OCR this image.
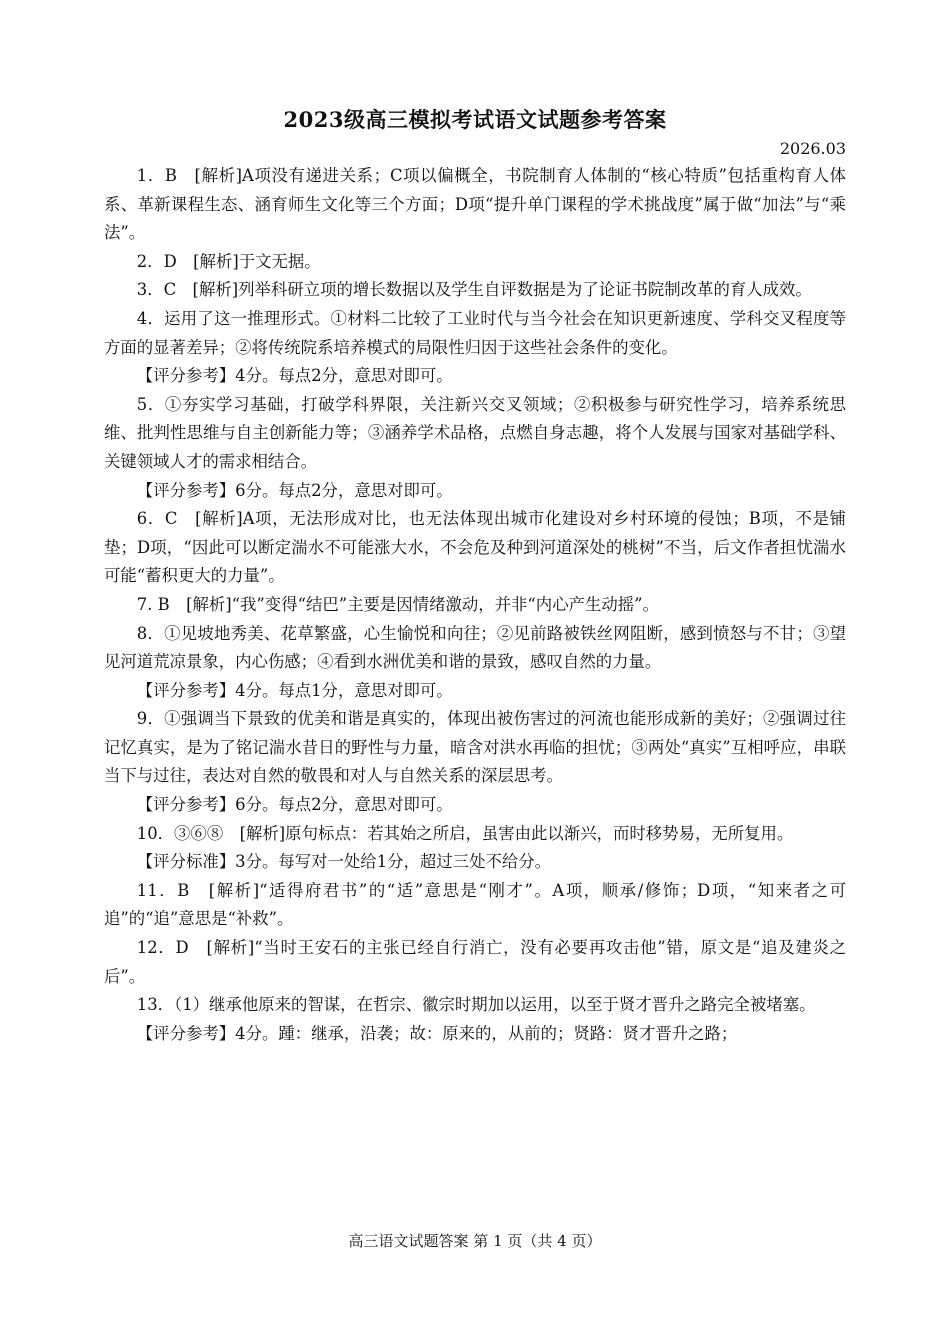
2023级高三模拟考试语文试题参考答案
2026.03

1．B　[解析]A项没有递进关系；C项以偏概全，书院制育人体制的“核心特质”包括重构育人体系、革新课程生态、涵育师生文化等三个方面；D项“提升单门课程的学术挑战度”属于做“加法”与“乘法”。

2．D　[解析]于文无据。

3．C　[解析]列举科研立项的增长数据以及学生自评数据是为了论证书院制改革的育人成效。

4．运用了这一推理形式。①材料二比较了工业时代与当今社会在知识更新速度、学科交叉程度等方面的显著差异；②将传统院系培养模式的局限性归因于这些社会条件的变化。

【评分参考】4分。每点2分，意思对即可。

5．①夯实学习基础，打破学科界限，关注新兴交叉领域；②积极参与研究性学习，培养系统思维、批判性思维与自主创新能力等；③涵养学术品格，点燃自身志趣，将个人发展与国家对基础学科、关键领域人才的需求相结合。

【评分参考】6分。每点2分，意思对即可。

6．C　[解析]A项，无法形成对比，也无法体现出城市化建设对乡村环境的侵蚀；B项，不是铺垫；D项，“因此可以断定湍水不可能涨大水，不会危及种到河道深处的桃树”不当，后文作者担忧湍水可能“蓄积更大的力量”。

7. B　[解析]“我”变得“结巴”主要是因情绪激动，并非“内心产生动摇”。

8．①见坡地秀美、花草繁盛，心生愉悦和向往；②见前路被铁丝网阻断，感到愤怒与不甘；③望见河道荒凉景象，内心伤感；④看到水洲优美和谐的景致，感叹自然的力量。

【评分参考】4分。每点1分，意思对即可。

9．①强调当下景致的优美和谐是真实的，体现出被伤害过的河流也能形成新的美好；②强调过往记忆真实，是为了铭记湍水昔日的野性与力量，暗含对洪水再临的担忧；③两处“真实”互相呼应，串联当下与过往，表达对自然的敬畏和对人与自然关系的深层思考。

【评分参考】6分。每点2分，意思对即可。

10．③⑥⑧　[解析]原句标点：若其始之所启，虽害由此以渐兴，而时移势易，无所复用。

【评分标准】3分。每写对一处给1分，超过三处不给分。

11．B　[解析]“适得府君书”的“适”意思是“刚才”。A项，顺承/修饰；D项，“知来者之可追”的“追”意思是“补救”。

12．D　[解析]“当时王安石的主张已经自行消亡，没有必要再攻击他”错，原文是“追及建炎之后”。

13．（1）继承他原来的智谋，在哲宗、徽宗时期加以运用，以至于贤才晋升之路完全被堵塞。

【评分参考】4分。踵：继承，沿袭；故：原来的，从前的；贤路：贤才晋升之路；

高三语文试题答案 第 1 页（共 4 页）
